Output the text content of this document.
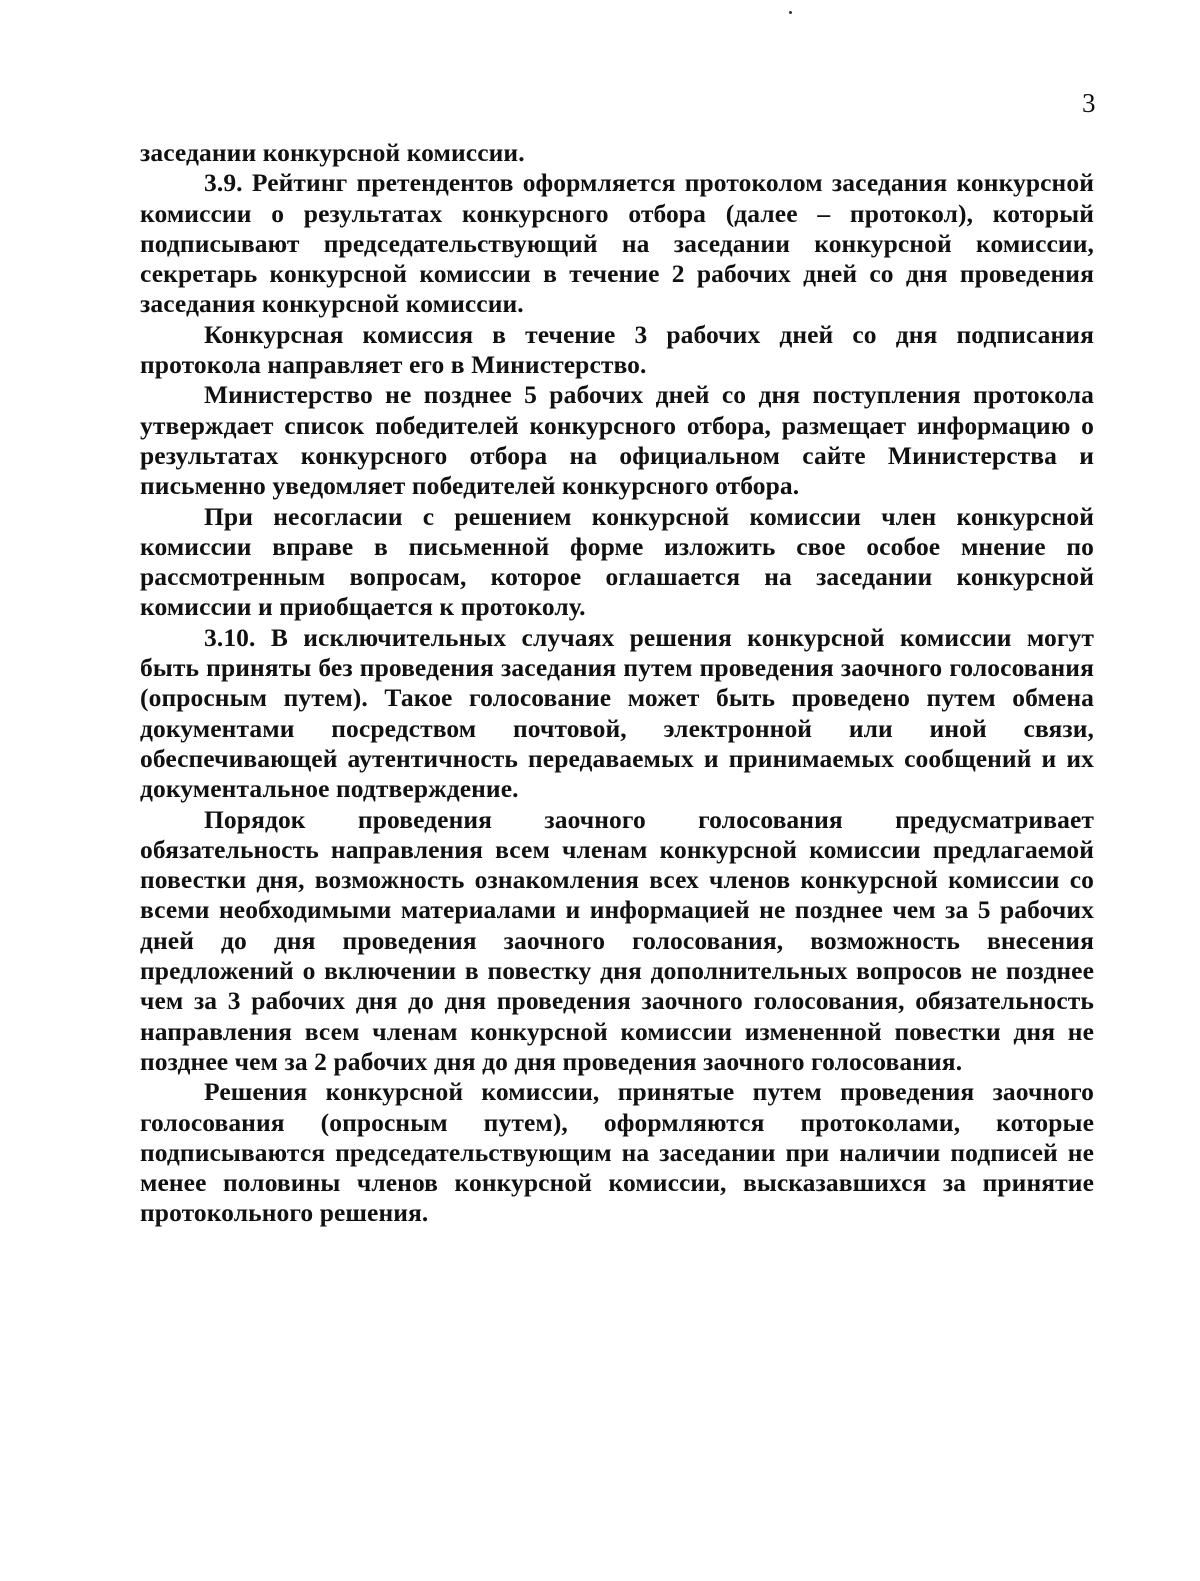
3

заседании конкурсной комиссии.

3.9. Рейтинг претендентов оформляется протоколом заседания конкурсной комиссии о результатах конкурсного отбора (далее – протокол), который подписывают председательствующий на заседании конкурсной комиссии, секретарь конкурсной комиссии в течение 2 рабочих дней со дня проведения заседания конкурсной комиссии.

Конкурсная комиссия в течение 3 рабочих дней со дня подписания протокола направляет его в Министерство.

Министерство не позднее 5 рабочих дней со дня поступления протокола утверждает список победителей конкурсного отбора, размещает информацию о результатах конкурсного отбора на официальном сайте Министерства и письменно уведомляет победителей конкурсного отбора.

При несогласии с решением конкурсной комиссии член конкурсной комиссии вправе в письменной форме изложить свое особое мнение по рассмотренным вопросам, которое оглашается на заседании конкурсной комиссии и приобщается к протоколу.

3.10. В исключительных случаях решения конкурсной комиссии могут быть приняты без проведения заседания путем проведения заочного голосования (опросным путем). Такое голосование может быть проведено путем обмена документами посредством почтовой, электронной или иной связи, обеспечивающей аутентичность передаваемых и принимаемых сообщений и их документальное подтверждение.

Порядок проведения заочного голосования предусматривает обязательность направления всем членам конкурсной комиссии предлагаемой повестки дня, возможность ознакомления всех членов конкурсной комиссии со всеми необходимыми материалами и информацией не позднее чем за 5 рабочих дней до дня проведения заочного голосования, возможность внесения предложений о включении в повестку дня дополнительных вопросов не позднее чем за 3 рабочих дня до дня проведения заочного голосования, обязательность направления всем членам конкурсной комиссии измененной повестки дня не позднее чем за 2 рабочих дня до дня проведения заочного голосования.

Решения конкурсной комиссии, принятые путем проведения заочного голосования (опросным путем), оформляются протоколами, которые подписываются председательствующим на заседании при наличии подписей не менее половины членов конкурсной комиссии, высказавшихся за принятие протокольного решения.
